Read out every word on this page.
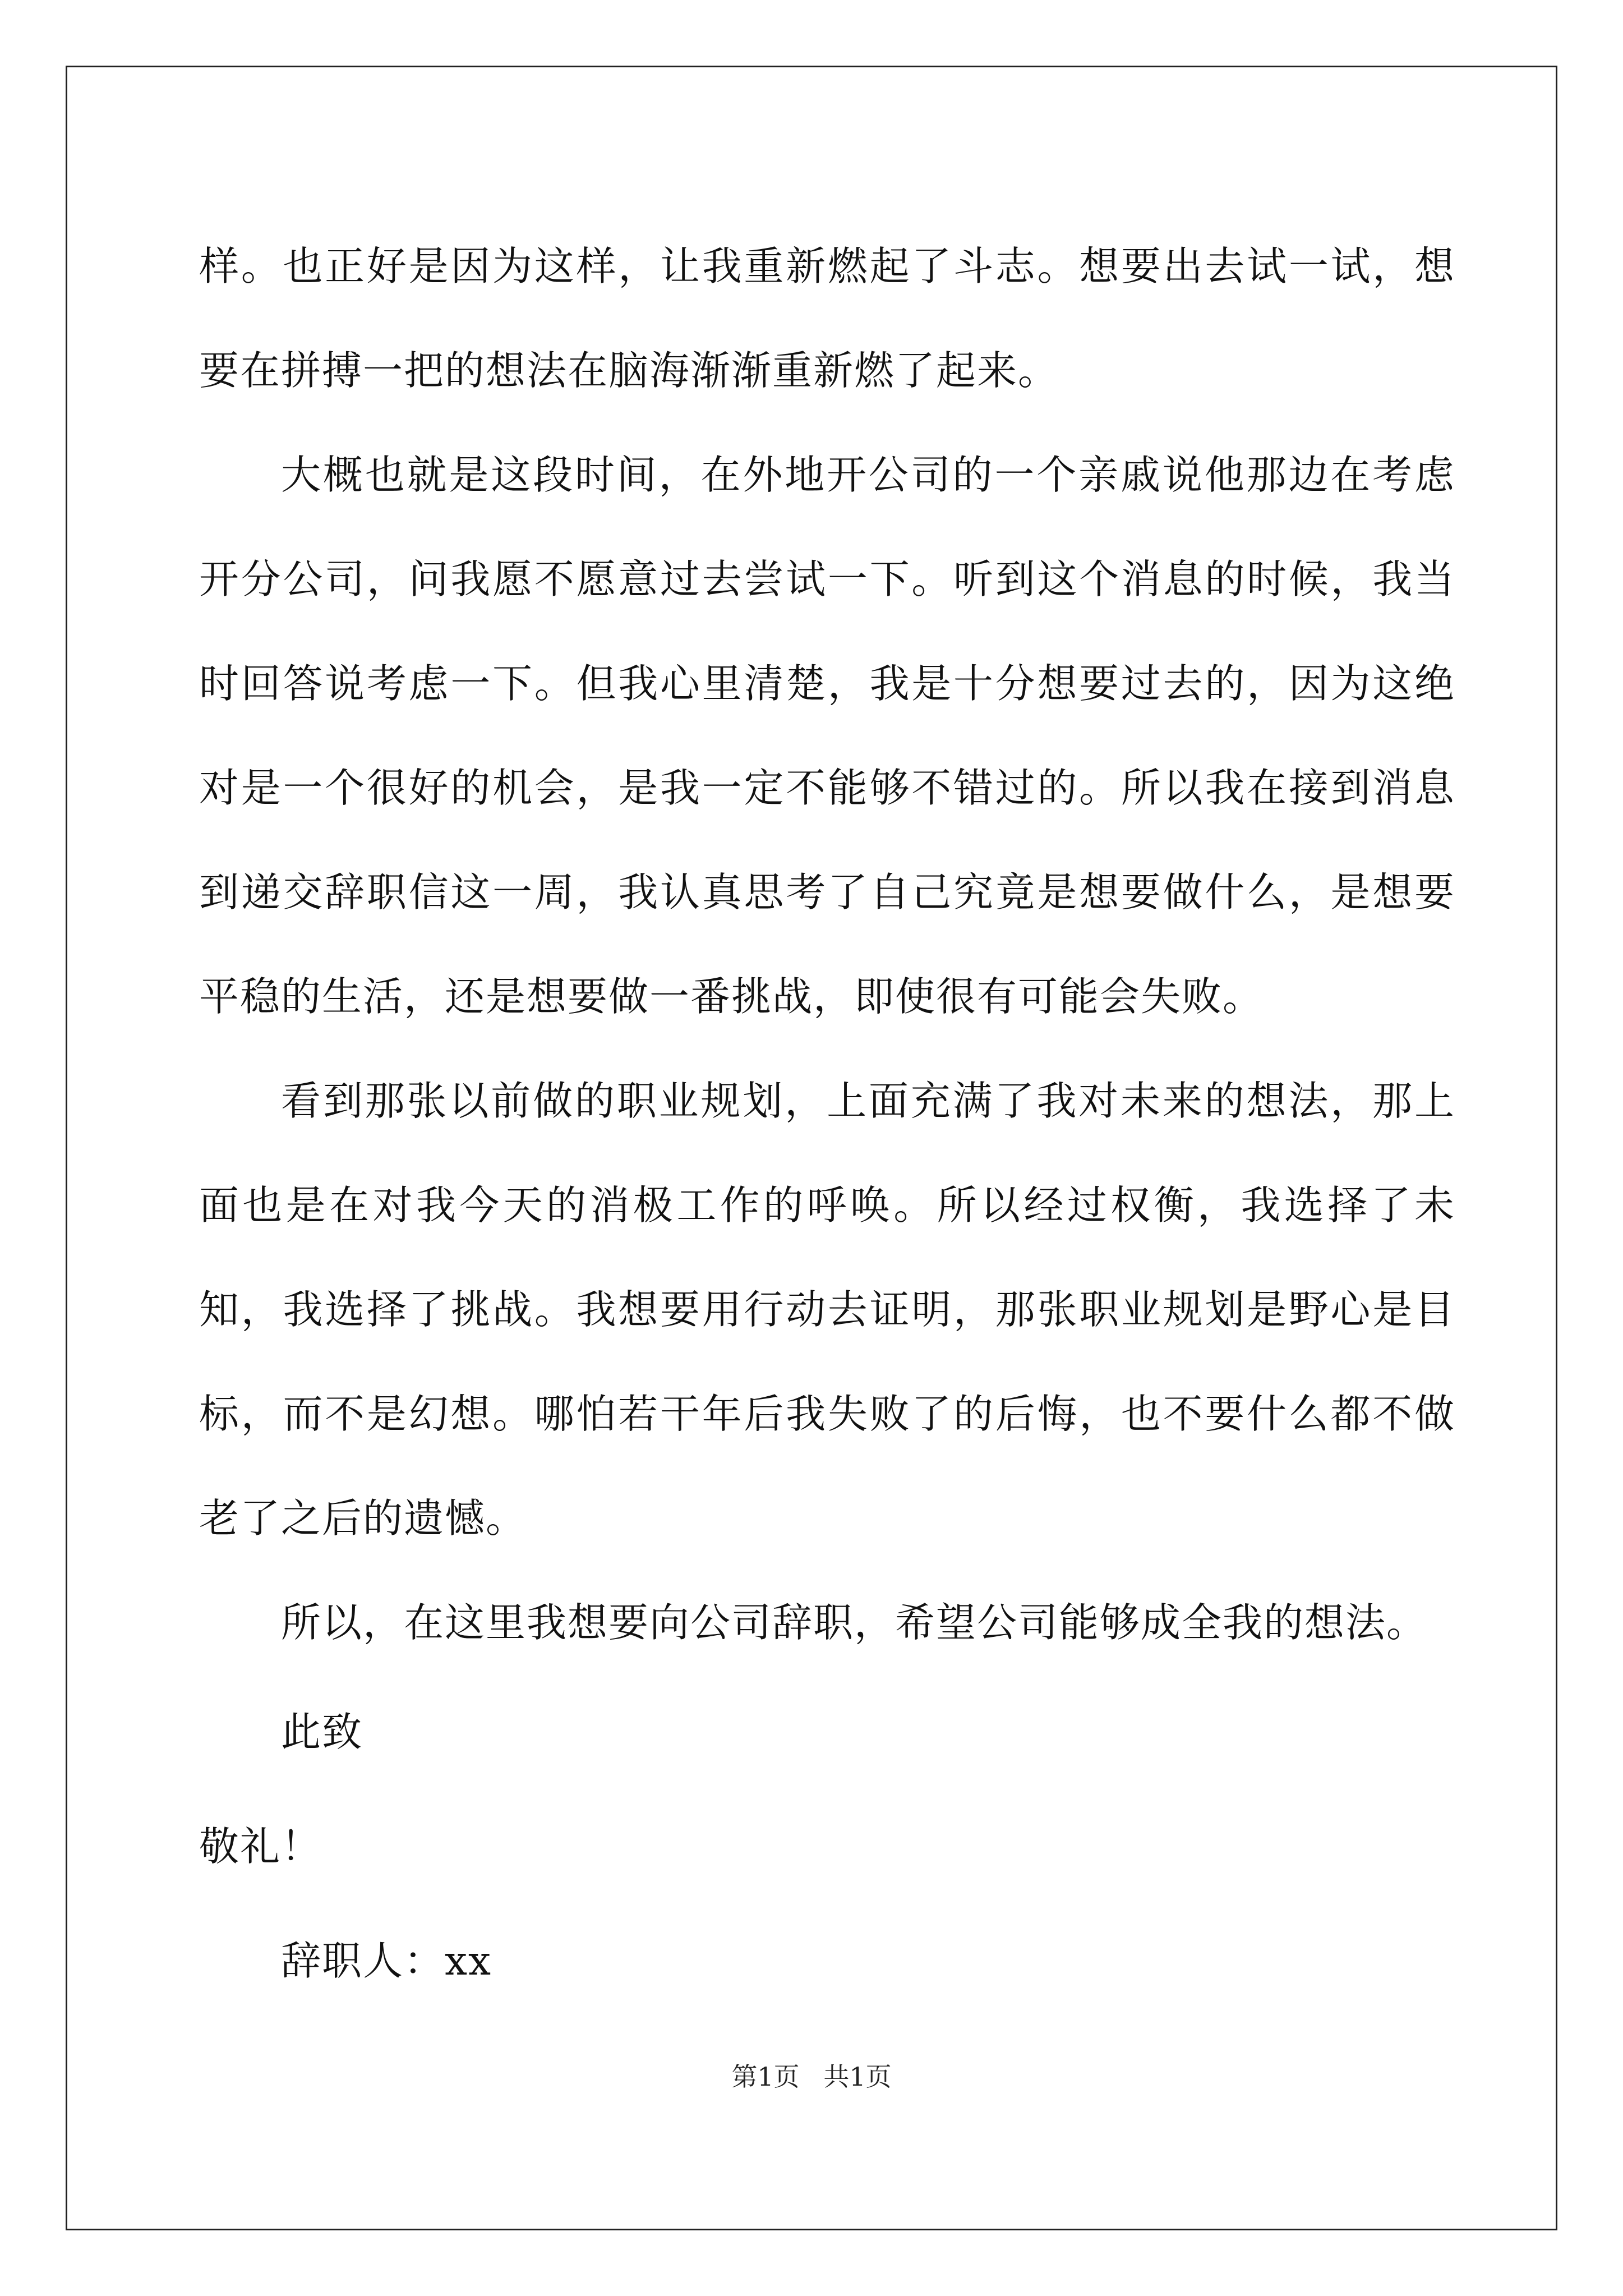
样。也正好是因为这样，让我重新燃起了斗志。想要出去试一试，想要在拼搏一把的想法在脑海渐渐重新燃了起来。

大概也就是这段时间，在外地开公司的一个亲戚说他那边在考虑开分公司，问我愿不愿意过去尝试一下。听到这个消息的时候，我当时回答说考虑一下。但我心里清楚，我是十分想要过去的，因为这绝对是一个很好的机会，是我一定不能够不错过的。所以我在接到消息到递交辞职信这一周，我认真思考了自己究竟是想要做什么，是想要平稳的生活，还是想要做一番挑战，即使很有可能会失败。

看到那张以前做的职业规划，上面充满了我对未来的想法，那上面也是在对我今天的消极工作的呼唤。所以经过权衡，我选择了未知，我选择了挑战。我想要用行动去证明，那张职业规划是野心是目标，而不是幻想。哪怕若干年后我失败了的后悔，也不要什么都不做老了之后的遗憾。

所以，在这里我想要向公司辞职，希望公司能够成全我的想法。

此致

敬礼！

辞职人：xx

第1页 共1页
